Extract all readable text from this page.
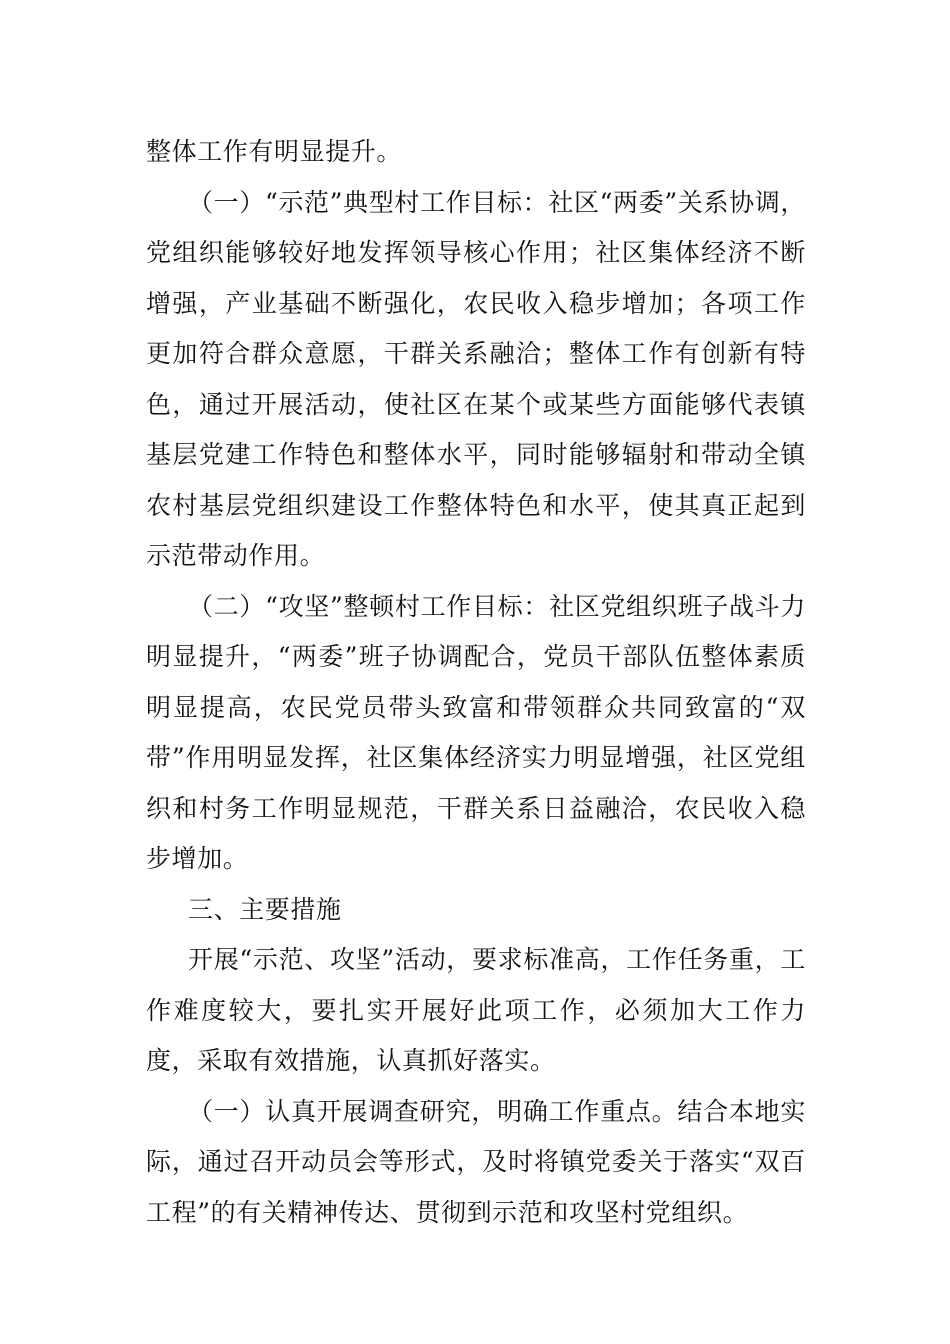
整体工作有明显提升。

（一）“示范”典型村工作目标：社区“两委”关系协调，党组织能够较好地发挥领导核心作用；社区集体经济不断增强，产业基础不断强化，农民收入稳步增加；各项工作更加符合群众意愿，干群关系融洽；整体工作有创新有特色，通过开展活动，使社区在某个或某些方面能够代表镇基层党建工作特色和整体水平，同时能够辐射和带动全镇农村基层党组织建设工作整体特色和水平，使其真正起到示范带动作用。

（二）“攻坚”整顿村工作目标：社区党组织班子战斗力明显提升，“两委”班子协调配合，党员干部队伍整体素质明显提高，农民党员带头致富和带领群众共同致富的“双带”作用明显发挥，社区集体经济实力明显增强，社区党组织和村务工作明显规范，干群关系日益融洽，农民收入稳步增加。

三、主要措施

开展“示范、攻坚”活动，要求标准高，工作任务重，工作难度较大，要扎实开展好此项工作，必须加大工作力度，采取有效措施，认真抓好落实。

（一）认真开展调查研究，明确工作重点。结合本地实际，通过召开动员会等形式，及时将镇党委关于落实“双百工程”的有关精神传达、贯彻到示范和攻坚村党组织。
